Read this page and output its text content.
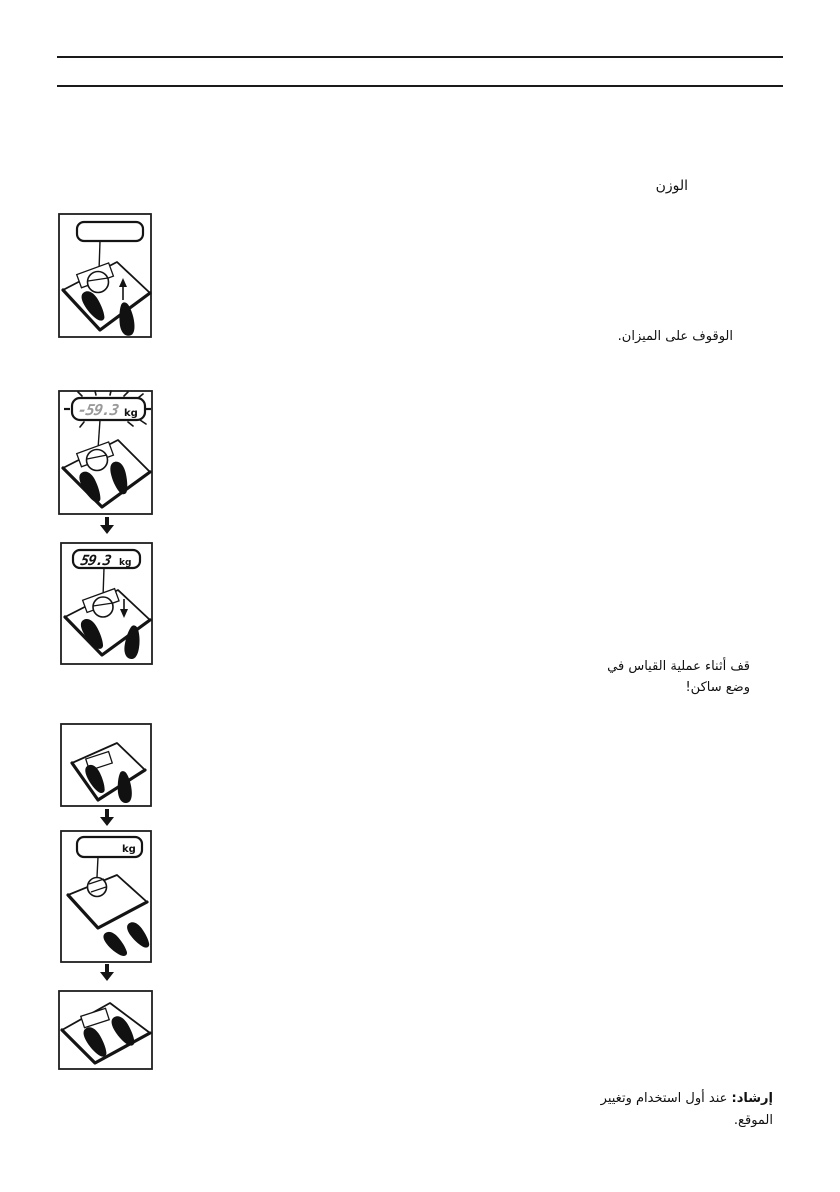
-59.3 kg
59.3 kg
kg
الوزن
الوقوف على الميزان.
قف أثناء عملية القياس في
وضع ساكن!
إرشاد: عند أول استخدام وتغيير
الموقع.
